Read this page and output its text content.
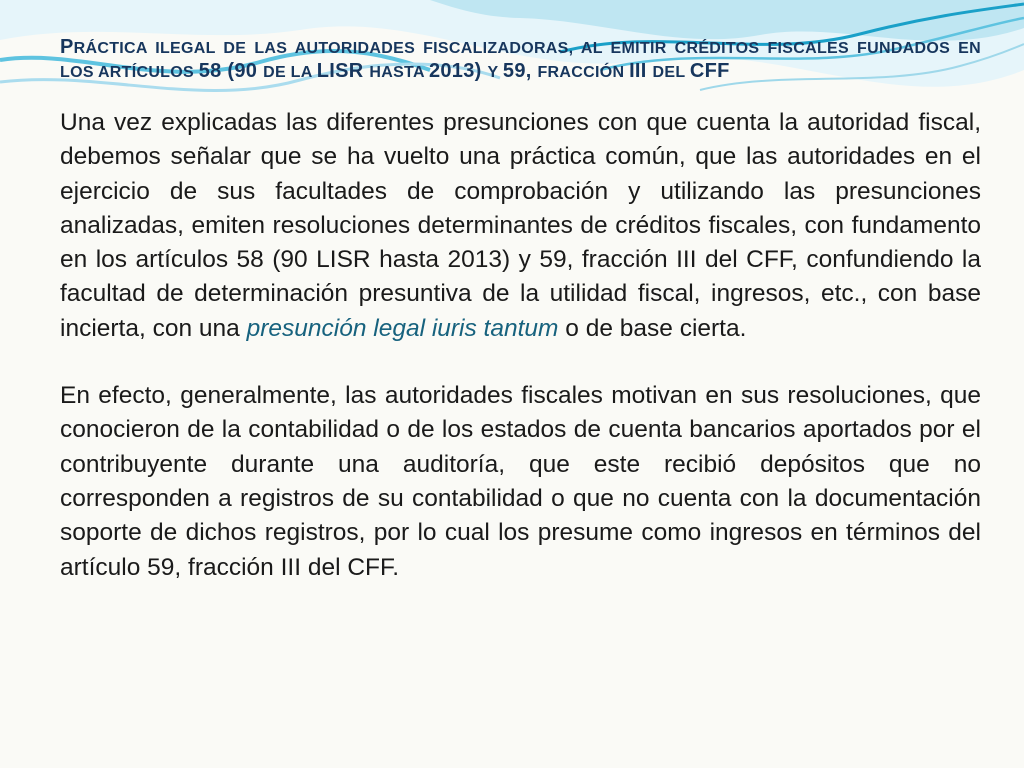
PRÁCTICA ILEGAL DE LAS AUTORIDADES FISCALIZADORAS, AL EMITIR CRÉDITOS FISCALES FUNDADOS EN LOS ARTÍCULOS 58 (90 DE LA LISR HASTA 2013) Y 59, FRACCIÓN III DEL CFF

Una vez explicadas las diferentes presunciones con que cuenta la autoridad fiscal, debemos señalar que se ha vuelto una práctica común, que las autoridades en el ejercicio de sus facultades de comprobación y utilizando las presunciones analizadas, emiten resoluciones determinantes de créditos fiscales, con fundamento en los artículos 58 (90 LISR hasta 2013) y 59, fracción III del CFF, confundiendo la facultad de determinación presuntiva de la utilidad fiscal, ingresos, etc., con base incierta, con una presunción legal iuris tantum o de base cierta.

En efecto, generalmente, las autoridades fiscales motivan en sus resoluciones, que conocieron de la contabilidad o de los estados de cuenta bancarios aportados por el contribuyente durante una auditoría, que este recibió depósitos que no corresponden a registros de su contabilidad o que no cuenta con la documentación soporte de dichos registros, por lo cual los presume como ingresos en términos del artículo 59, fracción III del CFF.
